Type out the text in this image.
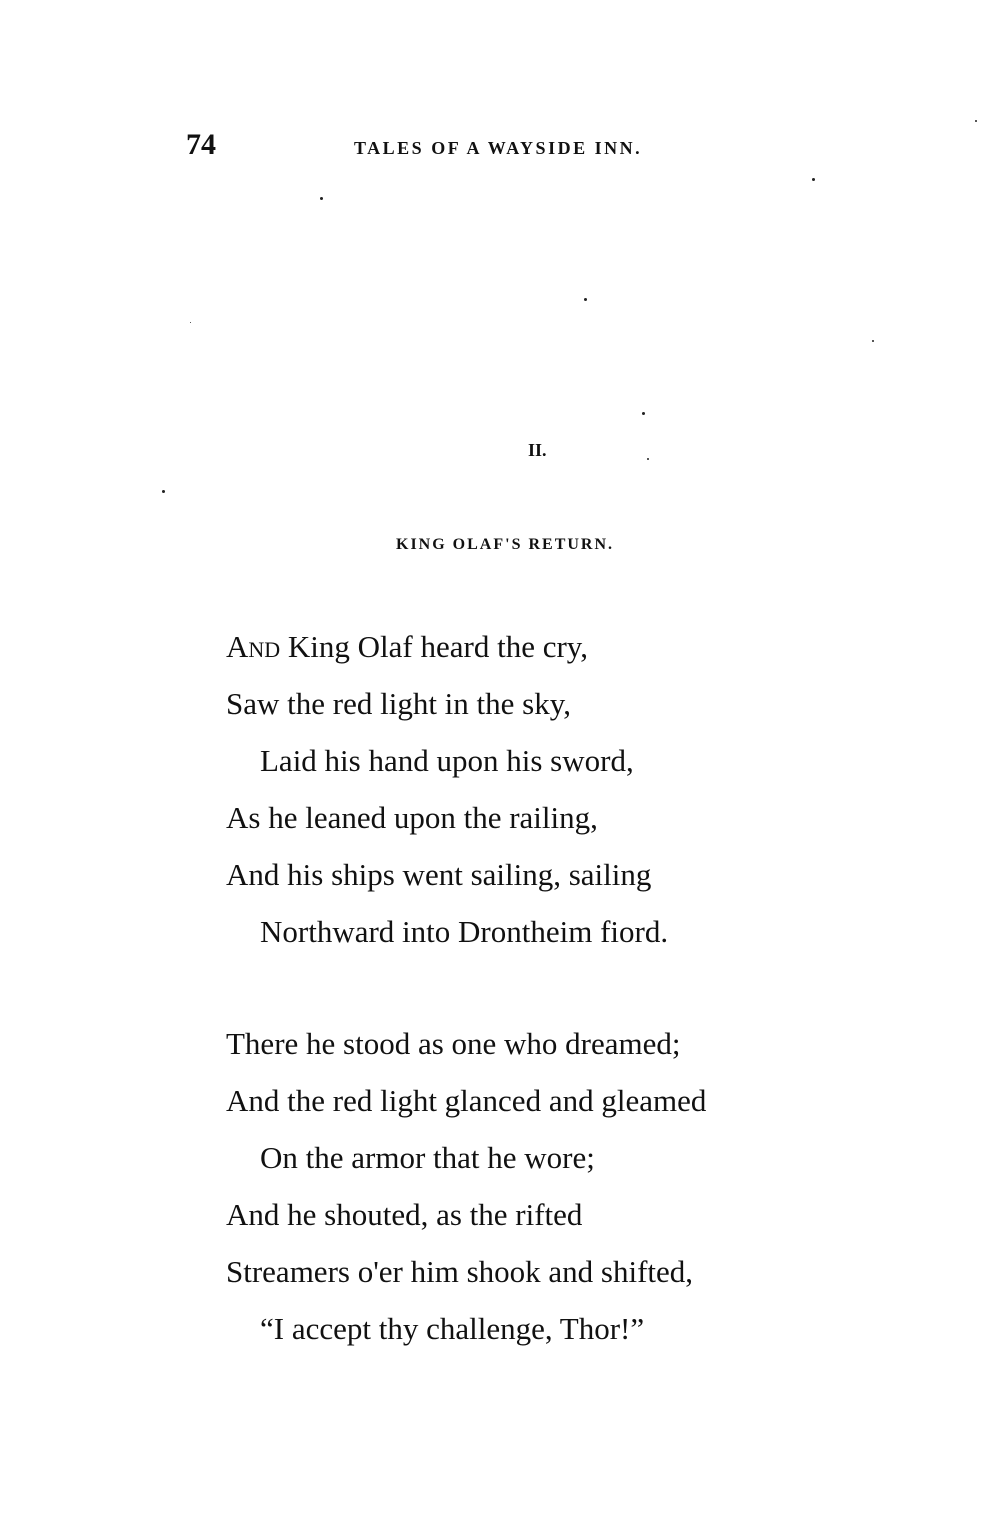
74	TALES OF A WAYSIDE INN.
II.
KING OLAF'S RETURN.
And King Olaf heard the cry,
Saw the red light in the sky,
Laid his hand upon his sword,
As he leaned upon the railing,
And his ships went sailing, sailing
Northward into Drontheim fiord.
There he stood as one who dreamed;
And the red light glanced and gleamed
On the armor that he wore;
And he shouted, as the rifted
Streamers o'er him shook and shifted,
“I accept thy challenge, Thor!”
